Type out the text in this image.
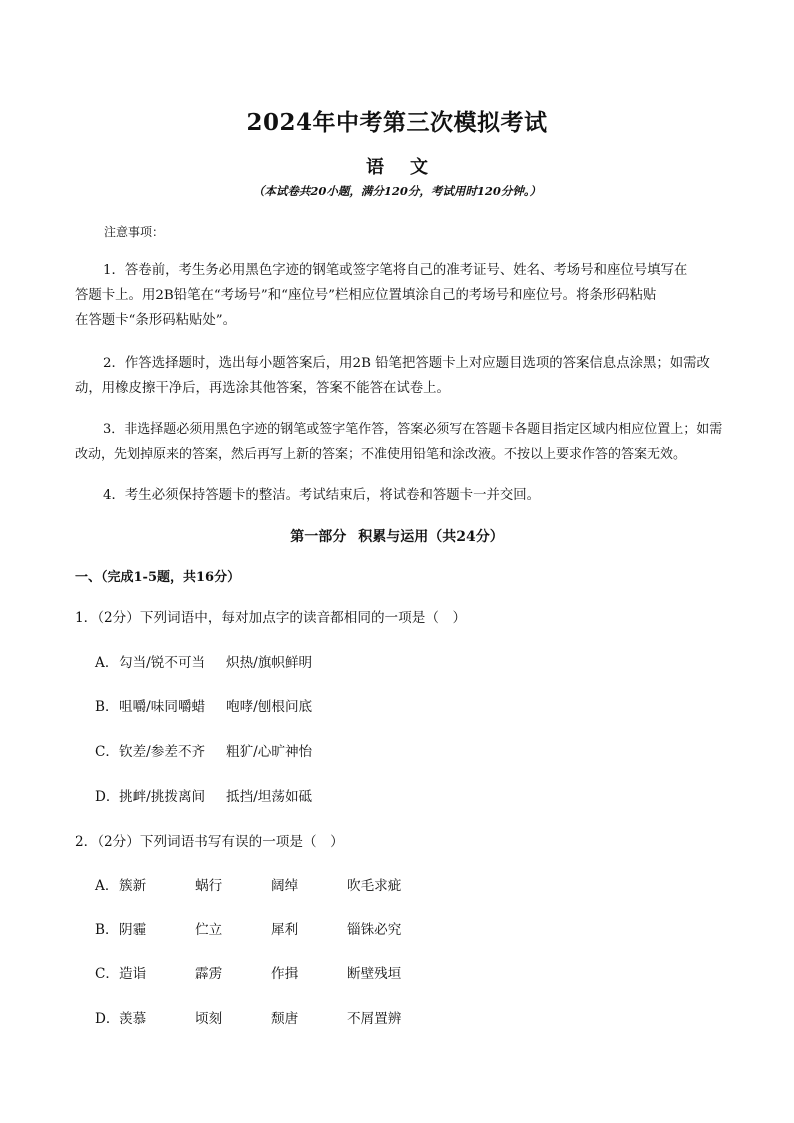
2024年中考第三次模拟考试
语 文
（本试卷共20小题，满分120分，考试用时120分钟。）
注意事项：
1．答卷前，考生务必用黑色字迹的钢笔或签字笔将自己的准考证号、姓名、考场号和座位号填写在
答题卡上。用2B铅笔在“考场号”和“座位号”栏相应位置填涂自己的考场号和座位号。将条形码粘贴
在答题卡“条形码粘贴处”。
2．作答选择题时，选出每小题答案后，用2B 铅笔把答题卡上对应题目选项的答案信息点涂黑；如需改
动，用橡皮擦干净后，再选涂其他答案，答案不能答在试卷上。
3．非选择题必须用黑色字迹的钢笔或签字笔作答，答案必须写在答题卡各题目指定区域内相应位置上；如需
改动，先划掉原来的答案，然后再写上新的答案；不准使用铅笔和涂改液。不按以上要求作答的答案无效。
4．考生必须保持答题卡的整洁。考试结束后，将试卷和答题卡一并交回。
第一部分 积累与运用（共24分）
一、（完成1-5题，共16分）
1．（2分）下列词语中，每对加点字的读音都相同的一项是（　）
A．勾当/锐不可当 炽热/旗帜鲜明
B．咀嚼/味同嚼蜡 咆哮/刨根问底
C．钦差/参差不齐 粗犷/心旷神怡
D．挑衅/挑拨离间 抵挡/坦荡如砥
2．（2分）下列词语书写有误的一项是（　）
A．簇新	蜗行	阔绰	吹毛求疵
B．阴霾	伫立	犀利	锱铢必究
C．造诣	霹雳	作揖	断壁残垣
D．羡慕	顷刻	颓唐	不屑置辨
